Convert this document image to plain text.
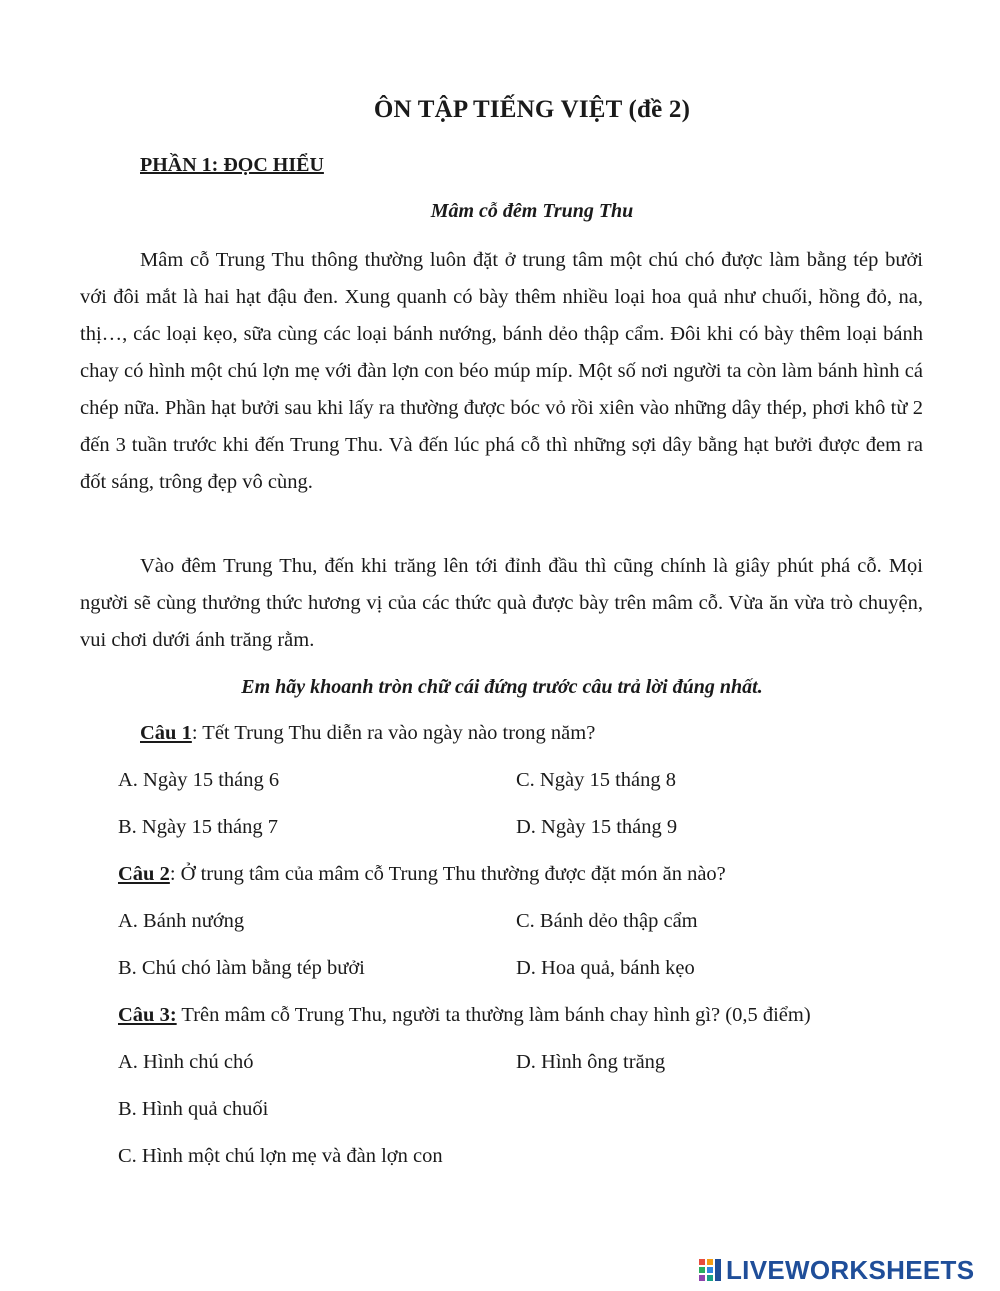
ÔN TẬP TIẾNG VIỆT (đề 2)
PHẦN 1: ĐỌC HIỂU
Mâm cỗ đêm Trung Thu

Mâm cỗ Trung Thu thông thường luôn đặt ở trung tâm một chú chó được làm bằng tép bưởi với đôi mắt là hai hạt đậu đen. Xung quanh có bày thêm nhiều loại hoa quả như chuối, hồng đỏ, na, thị…, các loại kẹo, sữa cùng các loại bánh nướng, bánh dẻo thập cẩm. Đôi khi có bày thêm loại bánh chay có hình một chú lợn mẹ với đàn lợn con béo múp míp. Một số nơi người ta còn làm bánh hình cá chép nữa. Phần hạt bưởi sau khi lấy ra thường được bóc vỏ rồi xiên vào những dây thép, phơi khô từ 2 đến 3 tuần trước khi đến Trung Thu. Và đến lúc phá cỗ thì những sợi dây bằng hạt bưởi được đem ra đốt sáng, trông đẹp vô cùng.

Vào đêm Trung Thu, đến khi trăng lên tới đỉnh đầu thì cũng chính là giây phút phá cỗ. Mọi người sẽ cùng thưởng thức hương vị của các thức quà được bày trên mâm cỗ. Vừa ăn vừa trò chuyện, vui chơi dưới ánh trăng rằm.

Em hãy khoanh tròn chữ cái đứng trước câu trả lời đúng nhất.
Câu 1: Tết Trung Thu diễn ra vào ngày nào trong năm?
A. Ngày 15 tháng 6	C. Ngày 15 tháng 8
B. Ngày 15 tháng 7	D. Ngày 15 tháng 9
Câu 2: Ở trung tâm của mâm cỗ Trung Thu thường được đặt món ăn nào?
A. Bánh nướng	C. Bánh dẻo thập cẩm
B. Chú chó làm bằng tép bưởi	D. Hoa quả, bánh kẹo
Câu 3: Trên mâm cỗ Trung Thu, người ta thường làm bánh chay hình gì? (0,5 điểm)
A. Hình chú chó	D. Hình ông trăng
B. Hình quả chuối
C. Hình một chú lợn mẹ và đàn lợn con
LIVEWORKSHEETS
